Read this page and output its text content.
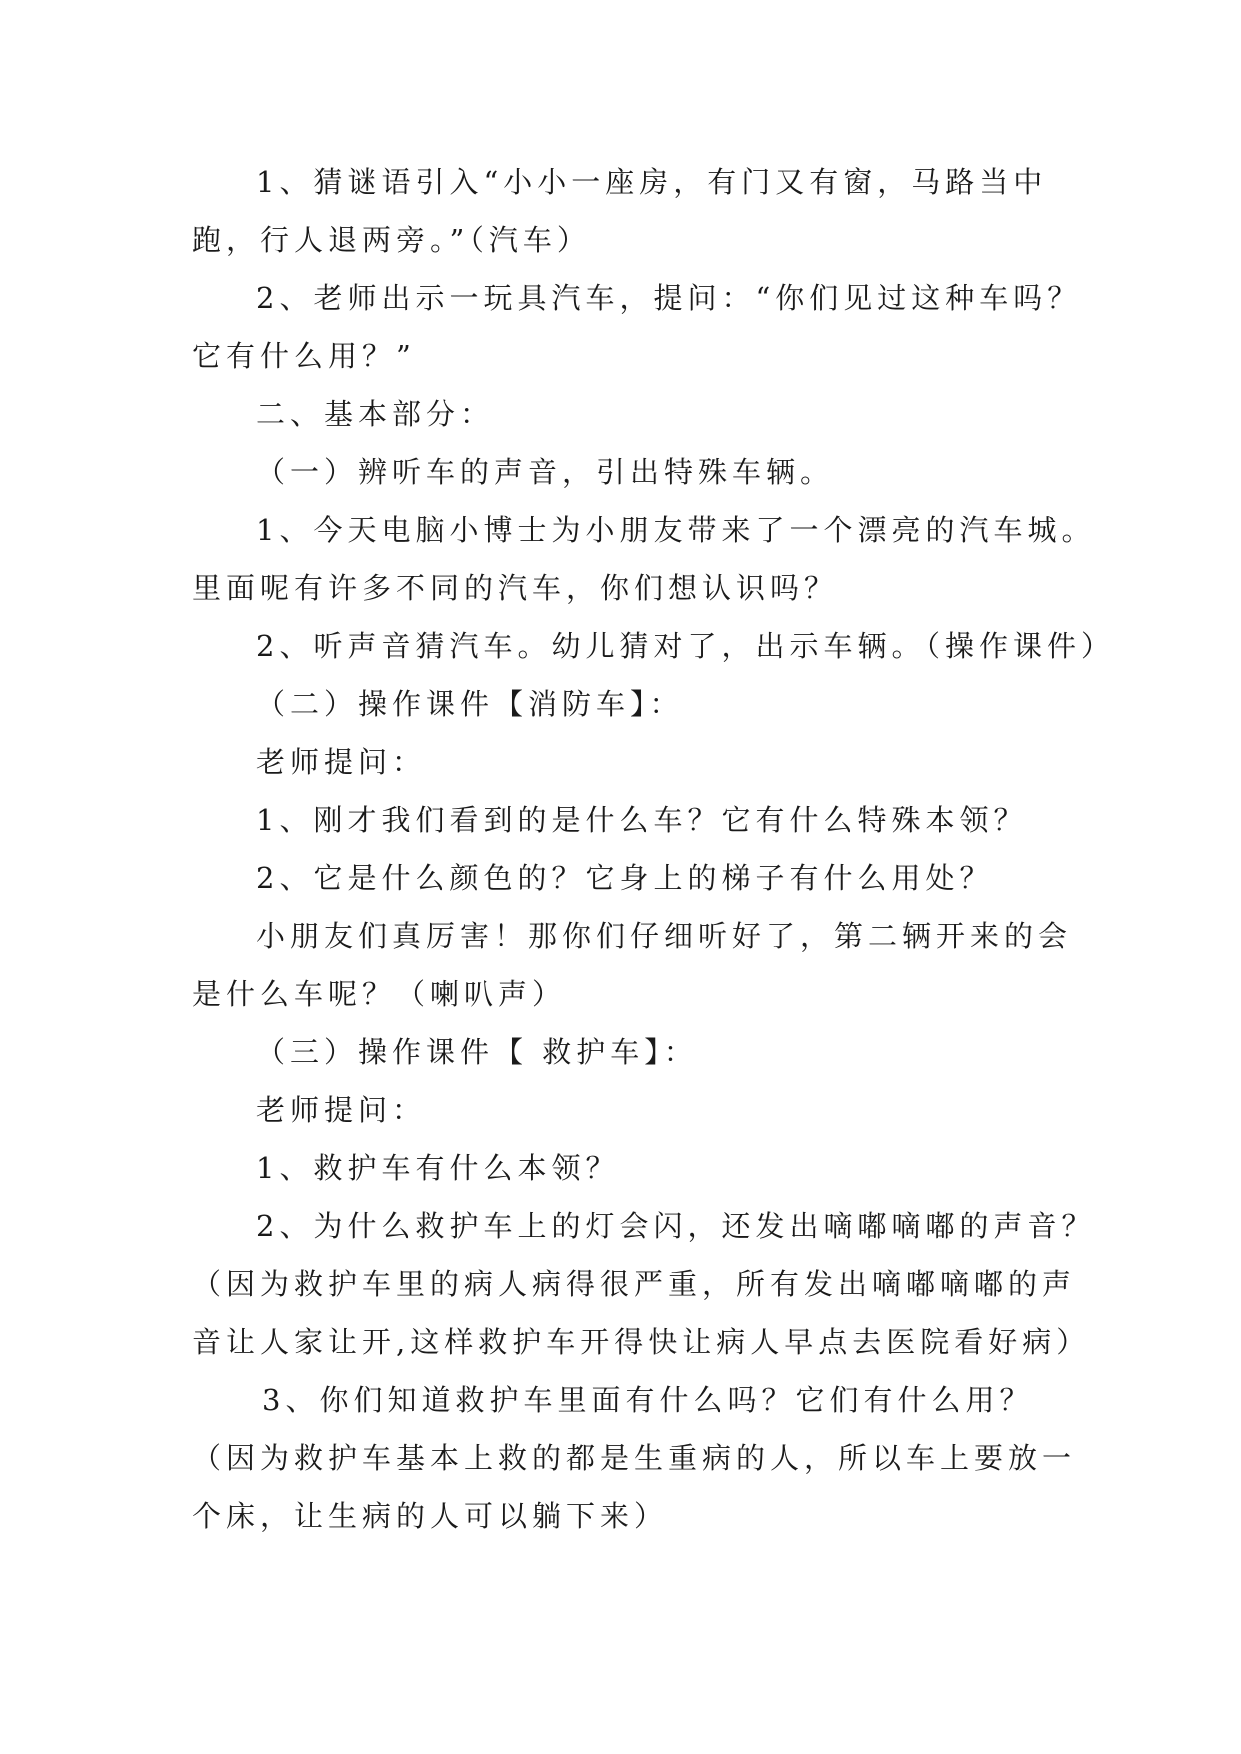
1、猜谜语引入“小小一座房，有门又有窗，马路当中
跑，行人退两旁。”（汽车）
2、老师出示一玩具汽车，提问：“你们见过这种车吗？
它有什么用？”
二、基本部分：
（一）辨听车的声音，引出特殊车辆。
1、今天电脑小博士为小朋友带来了一个漂亮的汽车城。
里面呢有许多不同的汽车，你们想认识吗？
2、听声音猜汽车。幼儿猜对了，出示车辆。（操作课件）
（二）操作课件【消防车】：
老师提问：
1、刚才我们看到的是什么车？它有什么特殊本领？
2、它是什么颜色的？它身上的梯子有什么用处？
小朋友们真厉害！那你们仔细听好了，第二辆开来的会
是什么车呢？（喇叭声）
（三）操作课件【 救护车】：
老师提问：
1、救护车有什么本领？
2、为什么救护车上的灯会闪，还发出嘀嘟嘀嘟的声音？
（因为救护车里的病人病得很严重，所有发出嘀嘟嘀嘟的声
音让人家让开,这样救护车开得快让病人早点去医院看好病）
3、你们知道救护车里面有什么吗？它们有什么用？
（因为救护车基本上救的都是生重病的人，所以车上要放一
个床，让生病的人可以躺下来）
